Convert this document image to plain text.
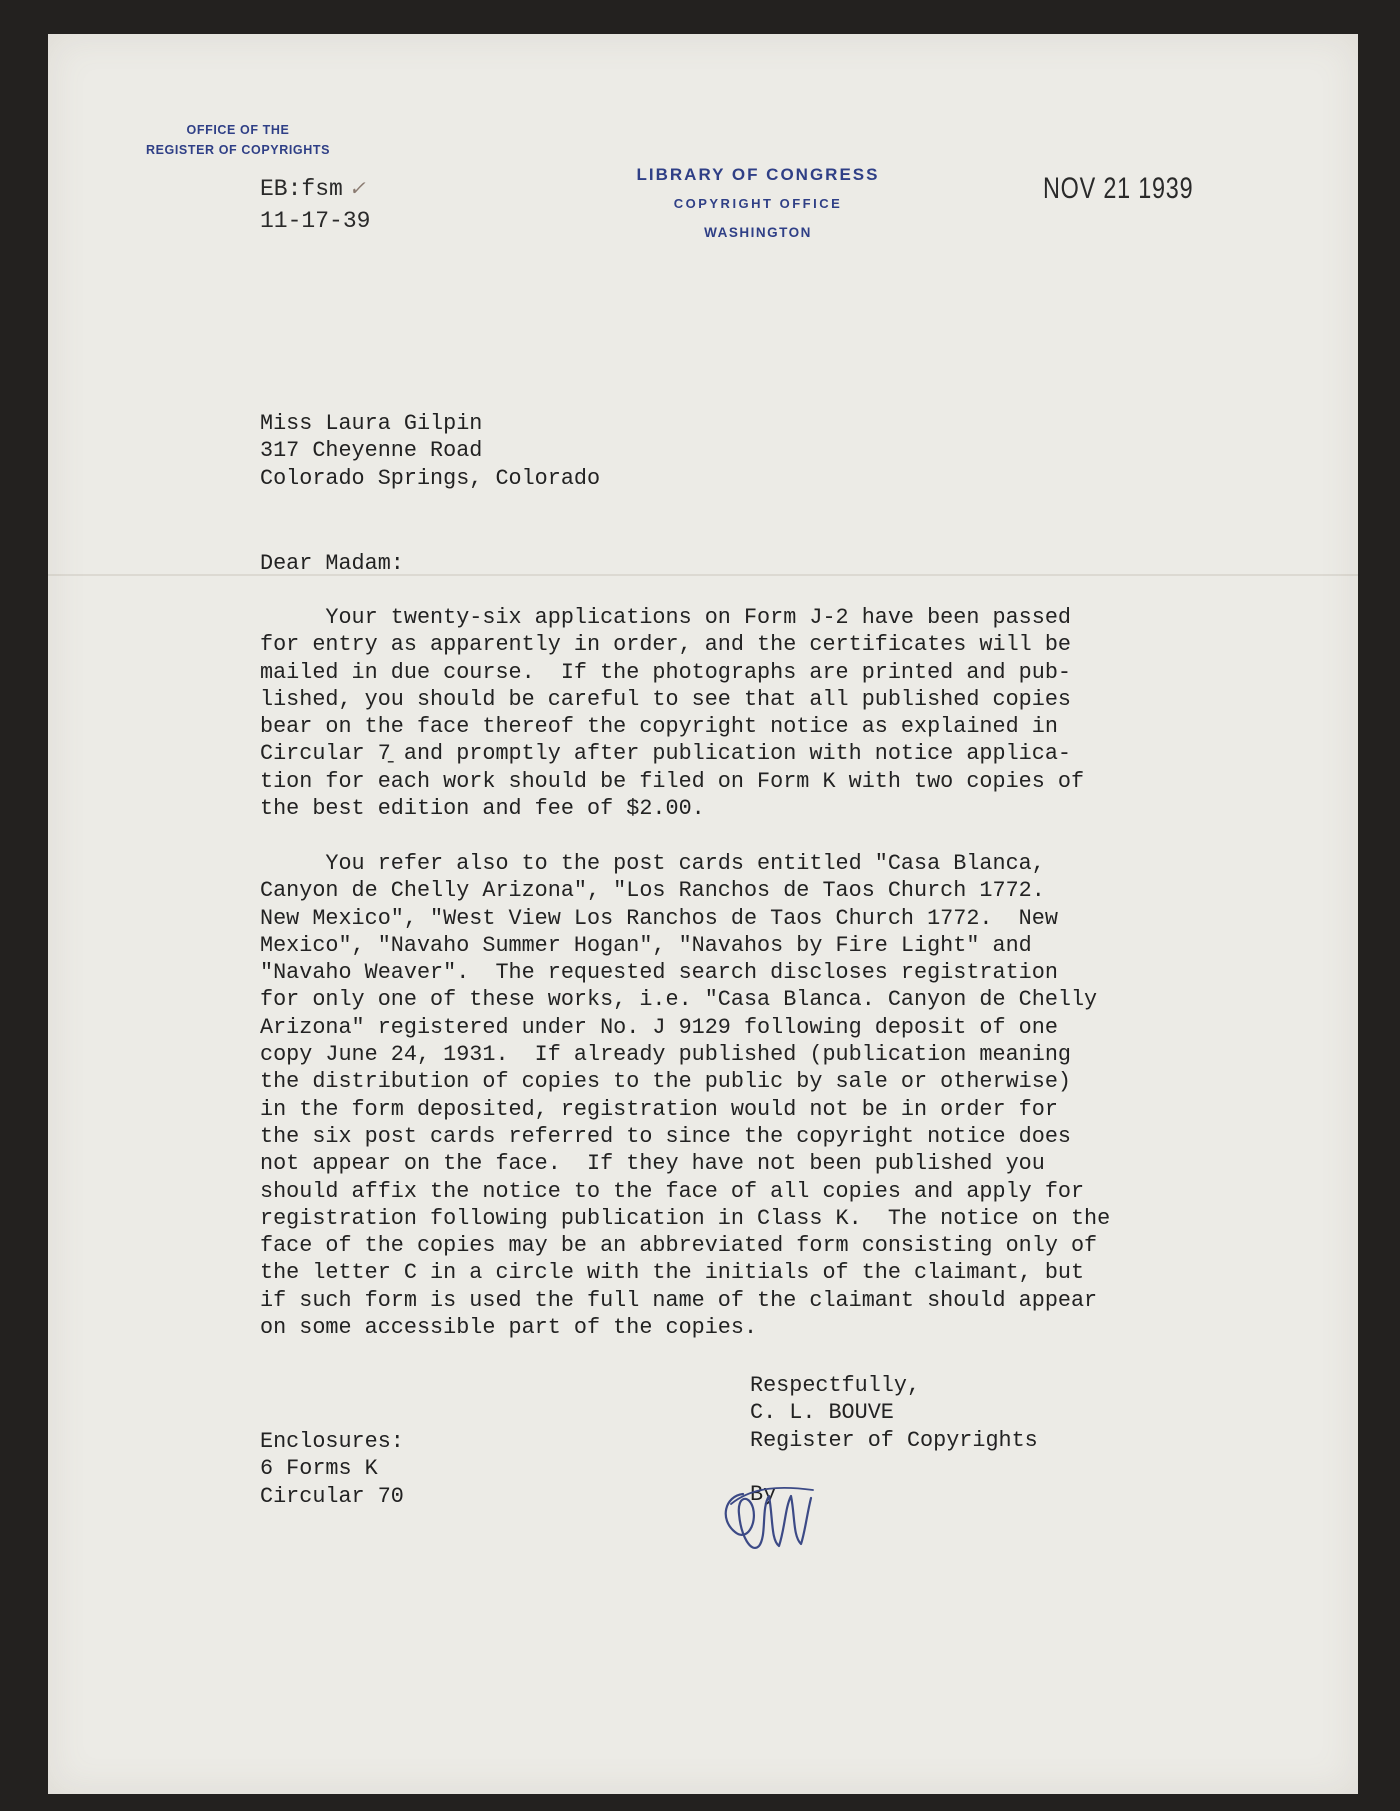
OFFICE OF THE
REGISTER OF COPYRIGHTS
LIBRARY OF CONGRESS
COPYRIGHT OFFICE
WASHINGTON
EB:fsm ✓
11-17-39
NOV 21 1939
Miss Laura Gilpin
317 Cheyenne Road
Colorado Springs, Colorado
Dear Madam:
Your twenty-six applications on Form J-2 have been passed
for entry as apparently in order, and the certificates will be
mailed in due course.  If the photographs are printed and pub-
lished, you should be careful to see that all published copies
bear on the face thereof the copyright notice as explained in
Circular 7̱ and promptly after publication with notice applica-
tion for each work should be filed on Form K with two copies of
the best edition and fee of $2.00.
You refer also to the post cards entitled "Casa Blanca,
Canyon de Chelly Arizona", "Los Ranchos de Taos Church 1772.
New Mexico", "West View Los Ranchos de Taos Church 1772.  New
Mexico", "Navaho Summer Hogan", "Navahos by Fire Light" and
"Navaho Weaver".  The requested search discloses registration
for only one of these works, i.e. "Casa Blanca. Canyon de Chelly
Arizona" registered under No. J 9129 following deposit of one
copy June 24, 1931.  If already published (publication meaning
the distribution of copies to the public by sale or otherwise)
in the form deposited, registration would not be in order for
the six post cards referred to since the copyright notice does
not appear on the face.  If they have not been published you
should affix the notice to the face of all copies and apply for
registration following publication in Class K.  The notice on the
face of the copies may be an abbreviated form consisting only of
the letter C in a circle with the initials of the claimant, but
if such form is used the full name of the claimant should appear
on some accessible part of the copies.
Respectfully,
C. L. BOUVE
Register of Copyrights
By
Enclosures:
6 Forms K
Circular 70
